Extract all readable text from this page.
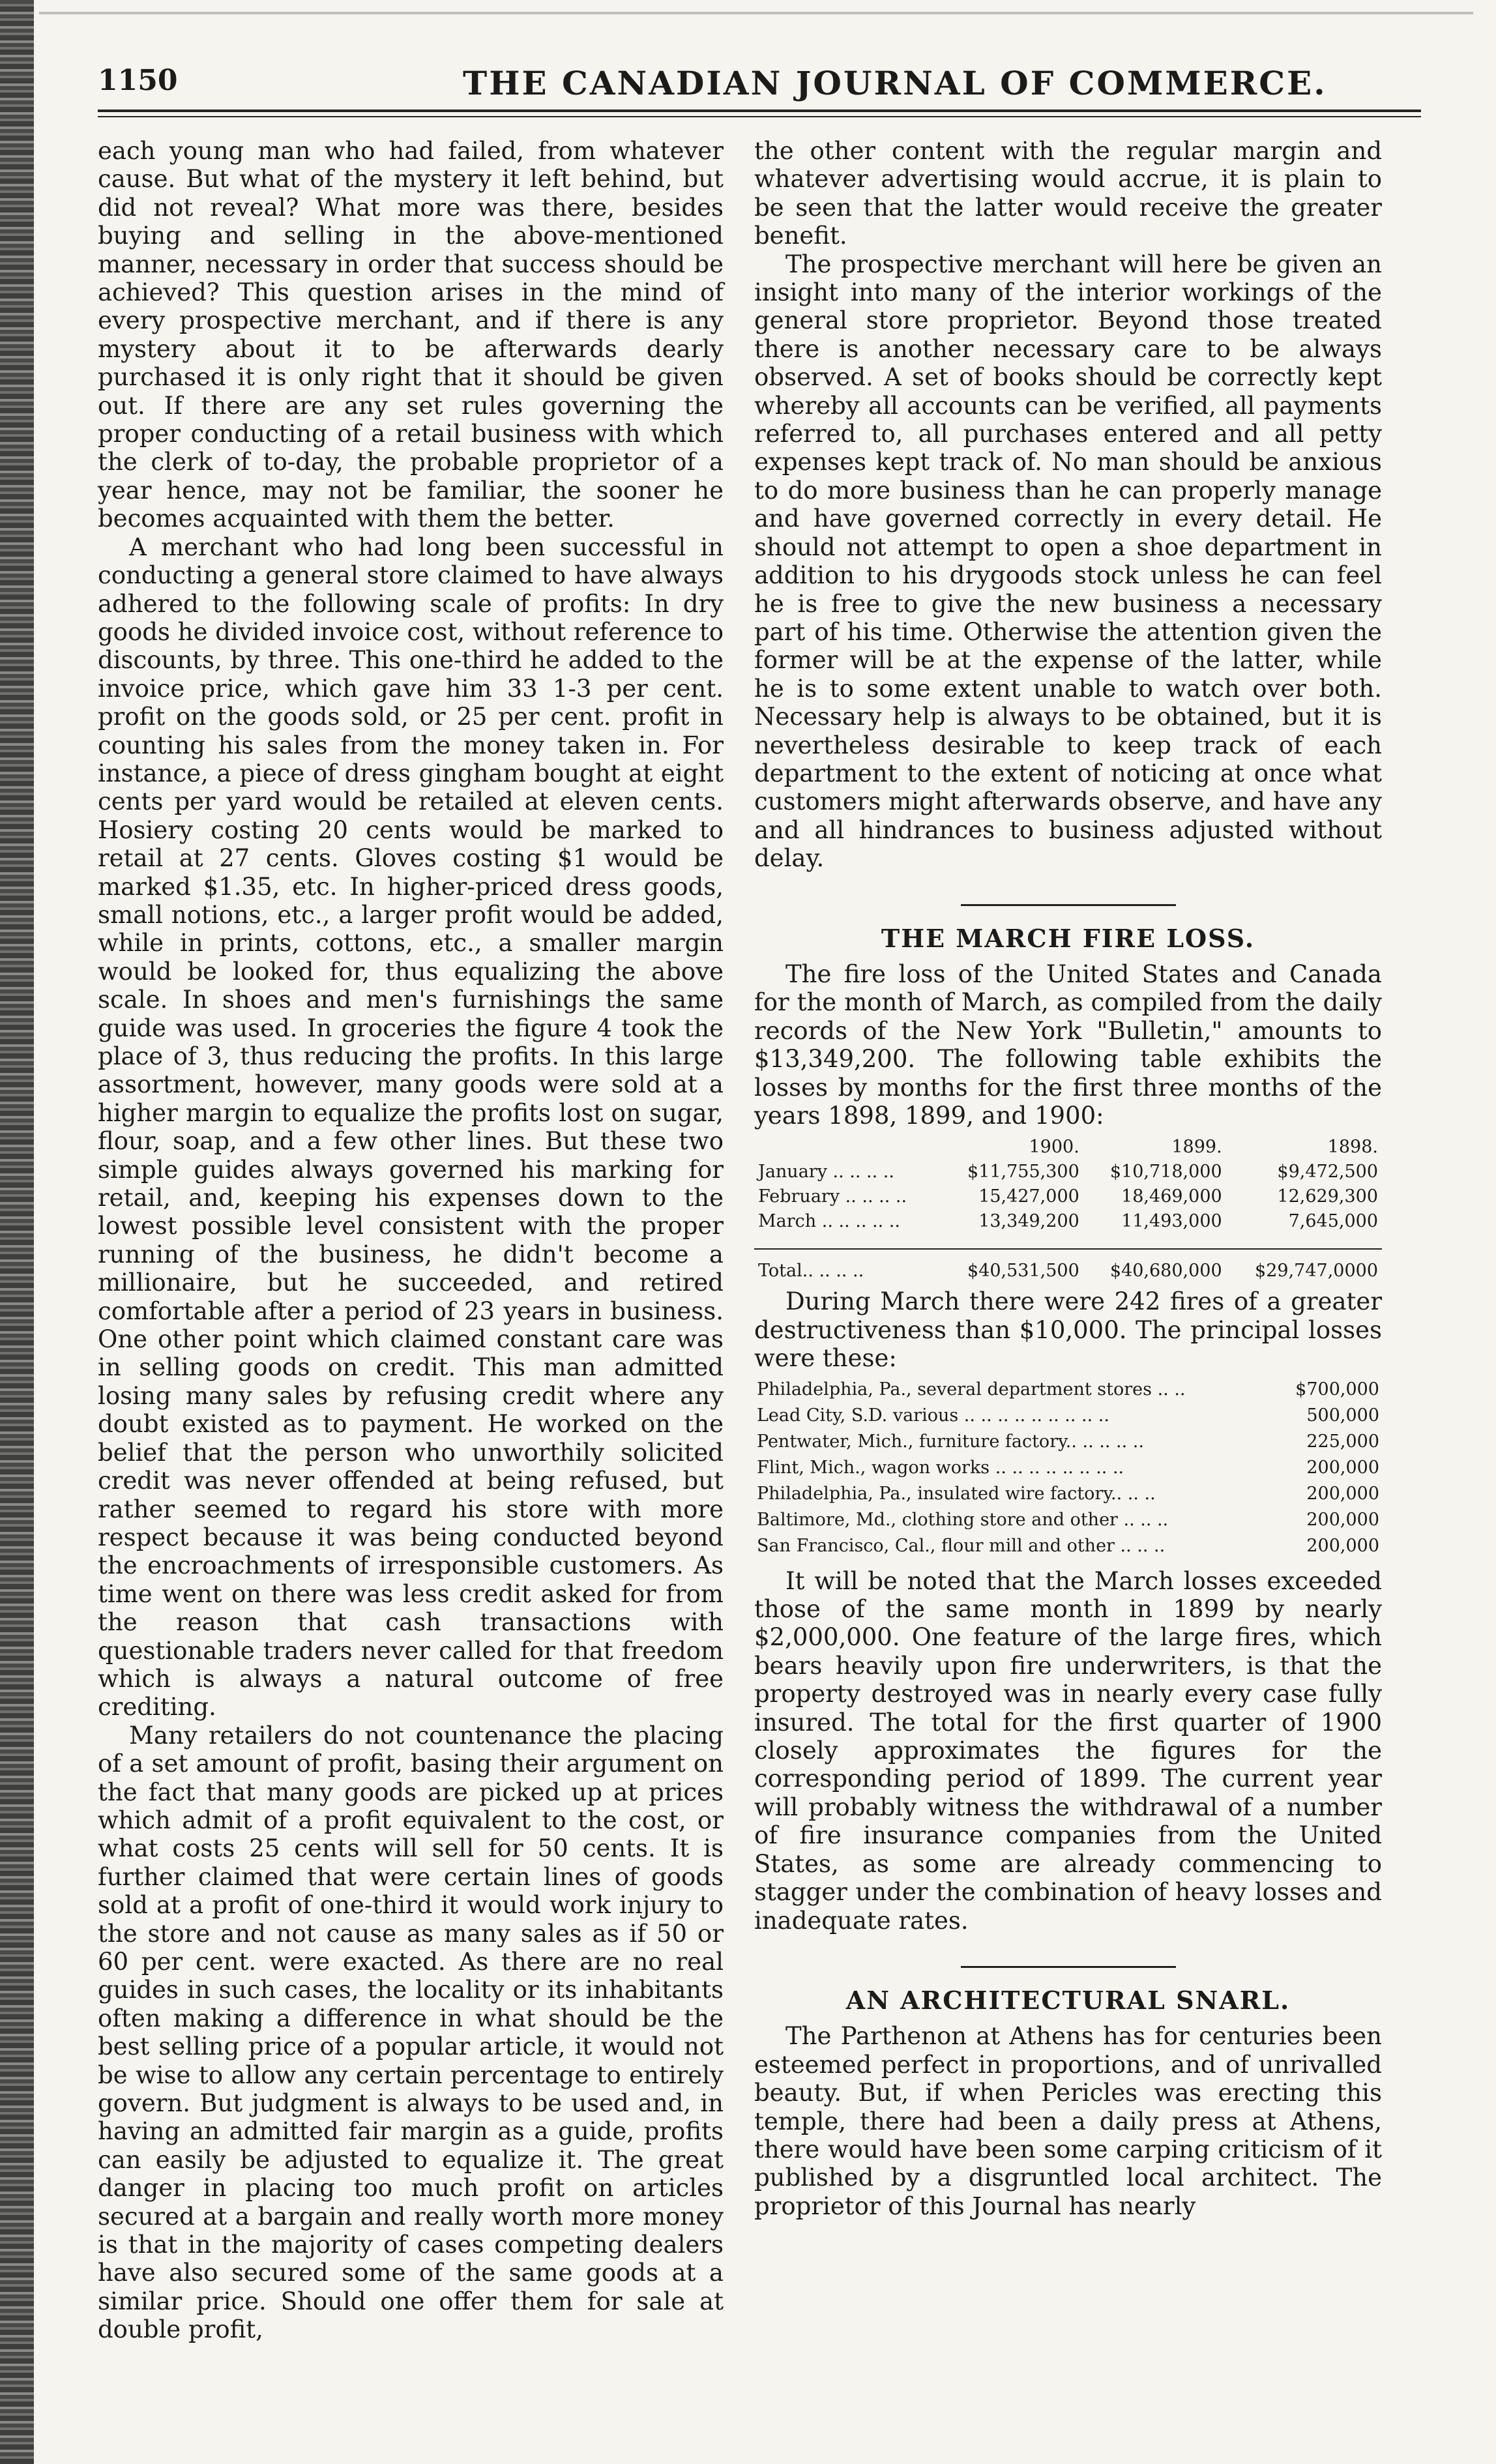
1150	THE CANADIAN JOURNAL OF COMMERCE.

each young man who had failed, from whatever cause. But what of the mystery it left behind, but did not reveal? What more was there, besides buying and selling in the above-mentioned manner, necessary in order that success should be achieved? This question arises in the mind of every prospective merchant, and if there is any mystery about it to be afterwards dearly purchased it is only right that it should be given out. If there are any set rules governing the proper conducting of a retail business with which the clerk of to-day, the probable proprietor of a year hence, may not be familiar, the sooner he becomes acquainted with them the better.

A merchant who had long been successful in conducting a general store claimed to have always adhered to the following scale of profits: In dry goods he divided invoice cost, without reference to discounts, by three. This one-third he added to the invoice price, which gave him 33 1-3 per cent. profit on the goods sold, or 25 per cent. profit in counting his sales from the money taken in. For instance, a piece of dress gingham bought at eight cents per yard would be retailed at eleven cents. Hosiery costing 20 cents would be marked to retail at 27 cents. Gloves costing $1 would be marked $1.35, etc. In higher-priced dress goods, small notions, etc., a larger profit would be added, while in prints, cottons, etc., a smaller margin would be looked for, thus equalizing the above scale. In shoes and men's furnishings the same guide was used. In groceries the figure 4 took the place of 3, thus reducing the profits. In this large assortment, however, many goods were sold at a higher margin to equalize the profits lost on sugar, flour, soap, and a few other lines. But these two simple guides always governed his marking for retail, and, keeping his expenses down to the lowest possible level consistent with the proper running of the business, he didn't become a millionaire, but he succeeded, and retired comfortable after a period of 23 years in business. One other point which claimed constant care was in selling goods on credit. This man admitted losing many sales by refusing credit where any doubt existed as to payment. He worked on the belief that the person who unworthily solicited credit was never offended at being refused, but rather seemed to regard his store with more respect because it was being conducted beyond the encroachments of irresponsible customers. As time went on there was less credit asked for from the reason that cash transactions with questionable traders never called for that freedom which is always a natural outcome of free crediting.

Many retailers do not countenance the placing of a set amount of profit, basing their argument on the fact that many goods are picked up at prices which admit of a profit equivalent to the cost, or what costs 25 cents will sell for 50 cents. It is further claimed that were certain lines of goods sold at a profit of one-third it would work injury to the store and not cause as many sales as if 50 or 60 per cent. were exacted. As there are no real guides in such cases, the locality or its inhabitants often making a difference in what should be the best selling price of a popular article, it would not be wise to allow any certain percentage to entirely govern. But judgment is always to be used and, in having an admitted fair margin as a guide, profits can easily be adjusted to equalize it. The great danger in placing too much profit on articles secured at a bargain and really worth more money is that in the majority of cases competing dealers have also secured some of the same goods at a similar price. Should one offer them for sale at double profit,

the other content with the regular margin and whatever advertising would accrue, it is plain to be seen that the latter would receive the greater benefit.

The prospective merchant will here be given an insight into many of the interior workings of the general store proprietor. Beyond those treated there is another necessary care to be always observed. A set of books should be correctly kept whereby all accounts can be verified, all payments referred to, all purchases entered and all petty expenses kept track of. No man should be anxious to do more business than he can properly manage and have governed correctly in every detail. He should not attempt to open a shoe department in addition to his drygoods stock unless he can feel he is free to give the new business a necessary part of his time. Otherwise the attention given the former will be at the expense of the latter, while he is to some extent unable to watch over both. Necessary help is always to be obtained, but it is nevertheless desirable to keep track of each department to the extent of noticing at once what customers might afterwards observe, and have any and all hindrances to business adjusted without delay.

THE MARCH FIRE LOSS.

The fire loss of the United States and Canada for the month of March, as compiled from the daily records of the New York "Bulletin," amounts to $13,349,200. The following table exhibits the losses by months for the first three months of the years 1898, 1899, and 1900:

	1900.	1899.	1898.
January .. .. .. ..	$11,755,300	$10,718,000	$9,472,500
February .. .. .. ..	15,427,000	18,469,000	12,629,300
March .. .. .. .. ..	13,349,200	11,493,000	7,645,000

Total.. .. .. ..	$40,531,500	$40,680,000	$29,747,0000

During March there were 242 fires of a greater destructiveness than $10,000. The principal losses were these:

Philadelphia, Pa., several department stores .. ..	$700,000
Lead City, S.D. various .. .. .. .. .. .. .. .. ..	500,000
Pentwater, Mich., furniture factory.. .. .. .. ..	225,000
Flint, Mich., wagon works .. .. .. .. .. .. .. ..	200,000
Philadelphia, Pa., insulated wire factory.. .. ..	200,000
Baltimore, Md., clothing store and other .. .. ..	200,000
San Francisco, Cal., flour mill and other .. .. ..	200,000

It will be noted that the March losses exceeded those of the same month in 1899 by nearly $2,000,000. One feature of the large fires, which bears heavily upon fire underwriters, is that the property destroyed was in nearly every case fully insured. The total for the first quarter of 1900 closely approximates the figures for the corresponding period of 1899. The current year will probably witness the withdrawal of a number of fire insurance companies from the United States, as some are already commencing to stagger under the combination of heavy losses and inadequate rates.

AN ARCHITECTURAL SNARL.

The Parthenon at Athens has for centuries been esteemed perfect in proportions, and of unrivalled beauty. But, if when Pericles was erecting this temple, there had been a daily press at Athens, there would have been some carping criticism of it published by a disgruntled local architect. The proprietor of this Journal has nearly
